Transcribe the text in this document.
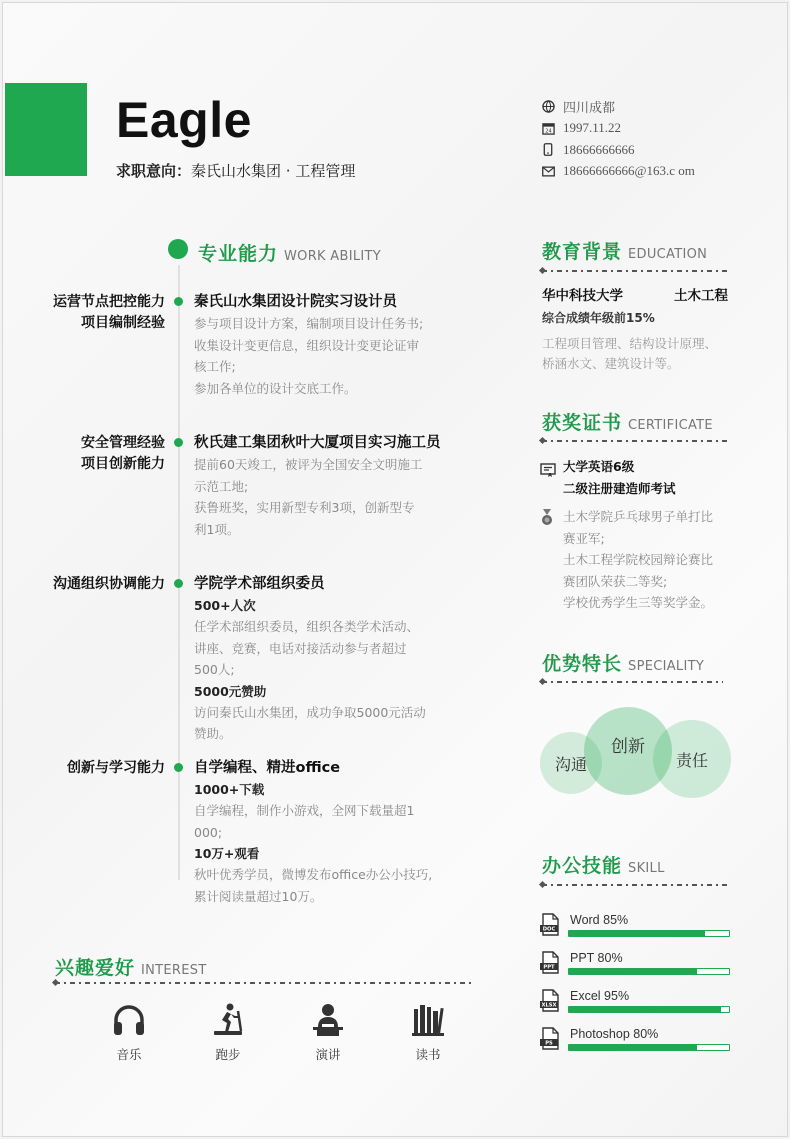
Eagle
求职意向：秦氏山水集团 · 工程管理
四川成都
24 1997.11.22
18666666666
18666666666@163.c om
专业能力 WORK ABILITY
运营节点把控能力
项目编制经验
秦氏山水集团设计院实习设计员
参与项目设计方案，编制项目设计任务书;
收集设计变更信息，组织设计变更论证审
核工作;
参加各单位的设计交底工作。
安全管理经验
项目创新能力
秋氏建工集团秋叶大厦项目实习施工员
提前60天竣工，被评为全国安全文明施工
示范工地;
获鲁班奖，实用新型专利3项，创新型专
利1项。
沟通组织协调能力 学院学术部组织委员
500+人次
任学术部组织委员，组织各类学术活动、
讲座、竞赛，电话对接活动参与者超过
500人;
5000元赞助
访问秦氏山水集团，成功争取5000元活动
赞助。
创新与学习能力 自学编程、精进office
1000+下载
自学编程，制作小游戏，全网下载量超1
000;
10万+观看
秋叶优秀学员，微博发布office办公小技巧,
累计阅读量超过10万。
教育背景 EDUCATION
华中科技大学	土木工程
综合成绩年级前15%
工程项目管理、结构设计原理、
桥涵水文、建筑设计等。
获奖证书 CERTIFICATE
大学英语6级
二级注册建造师考试
土木学院乒乓球男子单打比
赛亚军;
土木工程学院校园辩论赛比
赛团队荣获二等奖;
学校优秀学生三等奖学金。
优势特长 SPECIALITY
沟通
创新
责任
办公技能 SKILL
DOC
Word 85%
PPT
PPT 80%
XLSX
Excel 95%
PS
Photoshop 80%
兴趣爱好 INTEREST
音乐	跑步	演讲	读书
